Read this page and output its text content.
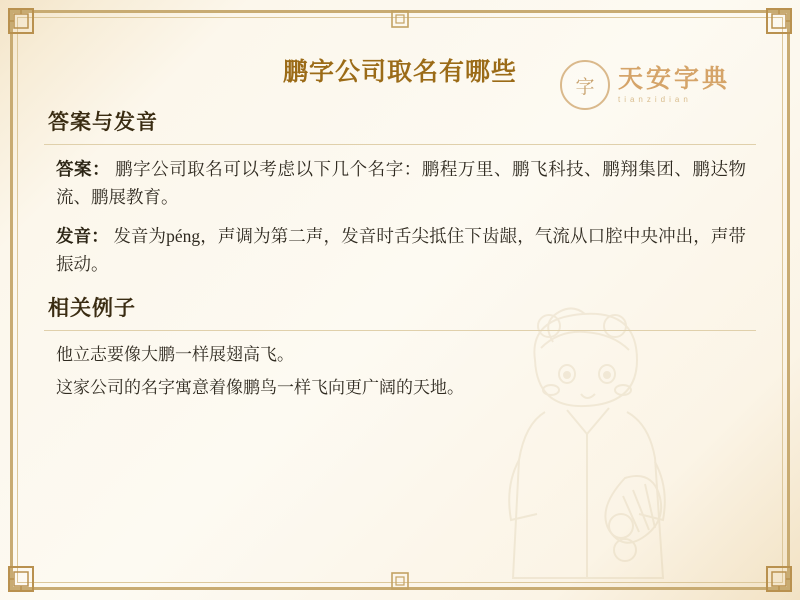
字 天安字典
tianzidian
鹏字公司取名有哪些
答案与发音

答案： 鹏字公司取名可以考虑以下几个名字：鹏程万里、鹏飞科技、鹏翔集团、鹏达物流、鹏展教育。

发音： 发音为péng，声调为第二声，发音时舌尖抵住下齿龈，气流从口腔中央冲出，声带振动。

相关例子

他立志要像大鹏一样展翅高飞。

这家公司的名字寓意着像鹏鸟一样飞向更广阔的天地。
